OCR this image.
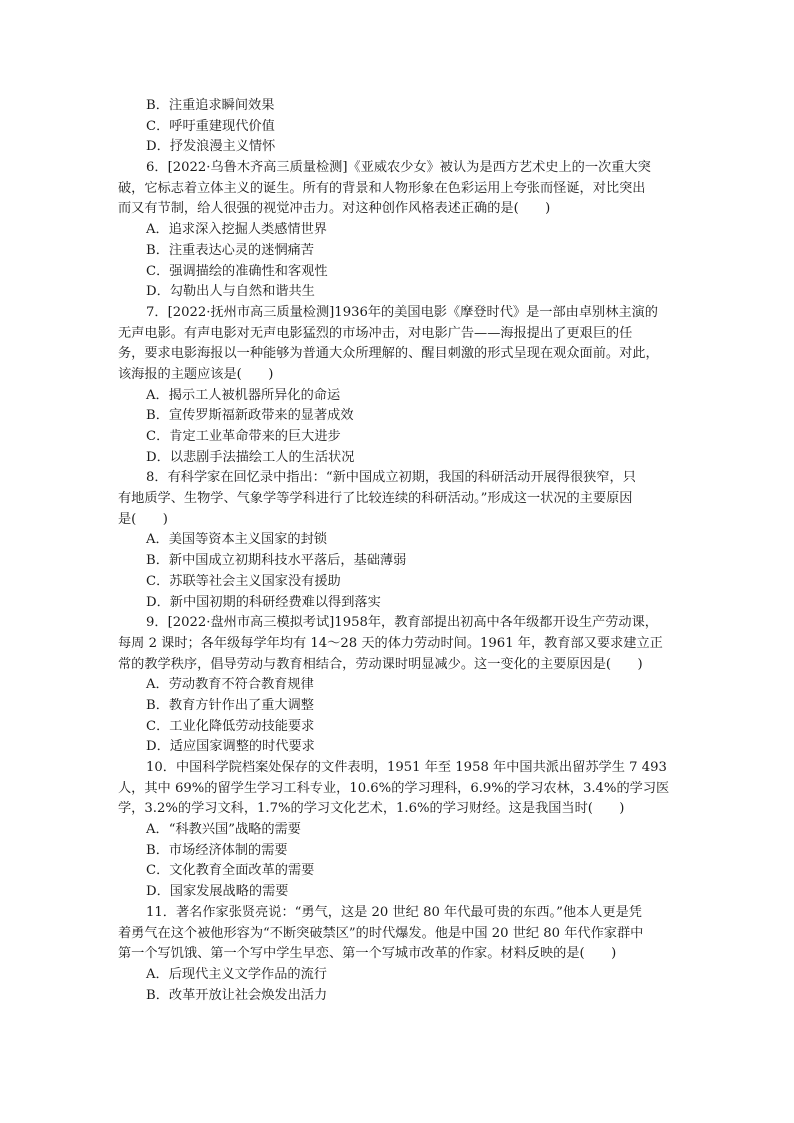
B．注重追求瞬间效果
C．呼吁重建现代价值
D．抒发浪漫主义情怀
6．[2022·乌鲁木齐高三质量检测]《亚威农少女》被认为是西方艺术史上的一次重大突
破，它标志着立体主义的诞生。所有的背景和人物形象在色彩运用上夸张而怪诞，对比突出
而又有节制，给人很强的视觉冲击力。对这种创作风格表述正确的是(　　)
A．追求深入挖掘人类感情世界
B．注重表达心灵的迷惘痛苦
C．强调描绘的准确性和客观性
D．勾勒出人与自然和谐共生
7．[2022·抚州市高三质量检测]1936年的美国电影《摩登时代》是一部由卓别林主演的
无声电影。有声电影对无声电影猛烈的市场冲击，对电影广告——海报提出了更艰巨的任
务，要求电影海报以一种能够为普通大众所理解的、醒目刺激的形式呈现在观众面前。对此，
该海报的主题应该是(　　)
A．揭示工人被机器所异化的命运
B．宣传罗斯福新政带来的显著成效
C．肯定工业革命带来的巨大进步
D．以悲剧手法描绘工人的生活状况
8．有科学家在回忆录中指出：“新中国成立初期，我国的科研活动开展得很狭窄，只
有地质学、生物学、气象学等学科进行了比较连续的科研活动。”形成这一状况的主要原因
是(　　)
A．美国等资本主义国家的封锁
B．新中国成立初期科技水平落后，基础薄弱
C．苏联等社会主义国家没有援助
D．新中国初期的科研经费难以得到落实
9．[2022·盘州市高三模拟考试]1958年，教育部提出初高中各年级都开设生产劳动课，
每周 2 课时；各年级每学年均有 14～28 天的体力劳动时间。1961 年，教育部又要求建立正
常的教学秩序，倡导劳动与教育相结合，劳动课时明显减少。这一变化的主要原因是(　　)
A．劳动教育不符合教育规律
B．教育方针作出了重大调整
C．工业化降低劳动技能要求
D．适应国家调整的时代要求
10．中国科学院档案处保存的文件表明，1951 年至 1958 年中国共派出留苏学生 7 493
人，其中 69%的留学生学习工科专业，10.6%的学习理科，6.9%的学习农林，3.4%的学习医
学，3.2%的学习文科，1.7%的学习文化艺术，1.6%的学习财经。这是我国当时(　　)
A．“科教兴国”战略的需要
B．市场经济体制的需要
C．文化教育全面改革的需要
D．国家发展战略的需要
11．著名作家张贤亮说：“勇气，这是 20 世纪 80 年代最可贵的东西。”他本人更是凭
着勇气在这个被他形容为“不断突破禁区”的时代爆发。他是中国 20 世纪 80 年代作家群中
第一个写饥饿、第一个写中学生早恋、第一个写城市改革的作家。材料反映的是(　　)
A．后现代主义文学作品的流行
B．改革开放让社会焕发出活力
